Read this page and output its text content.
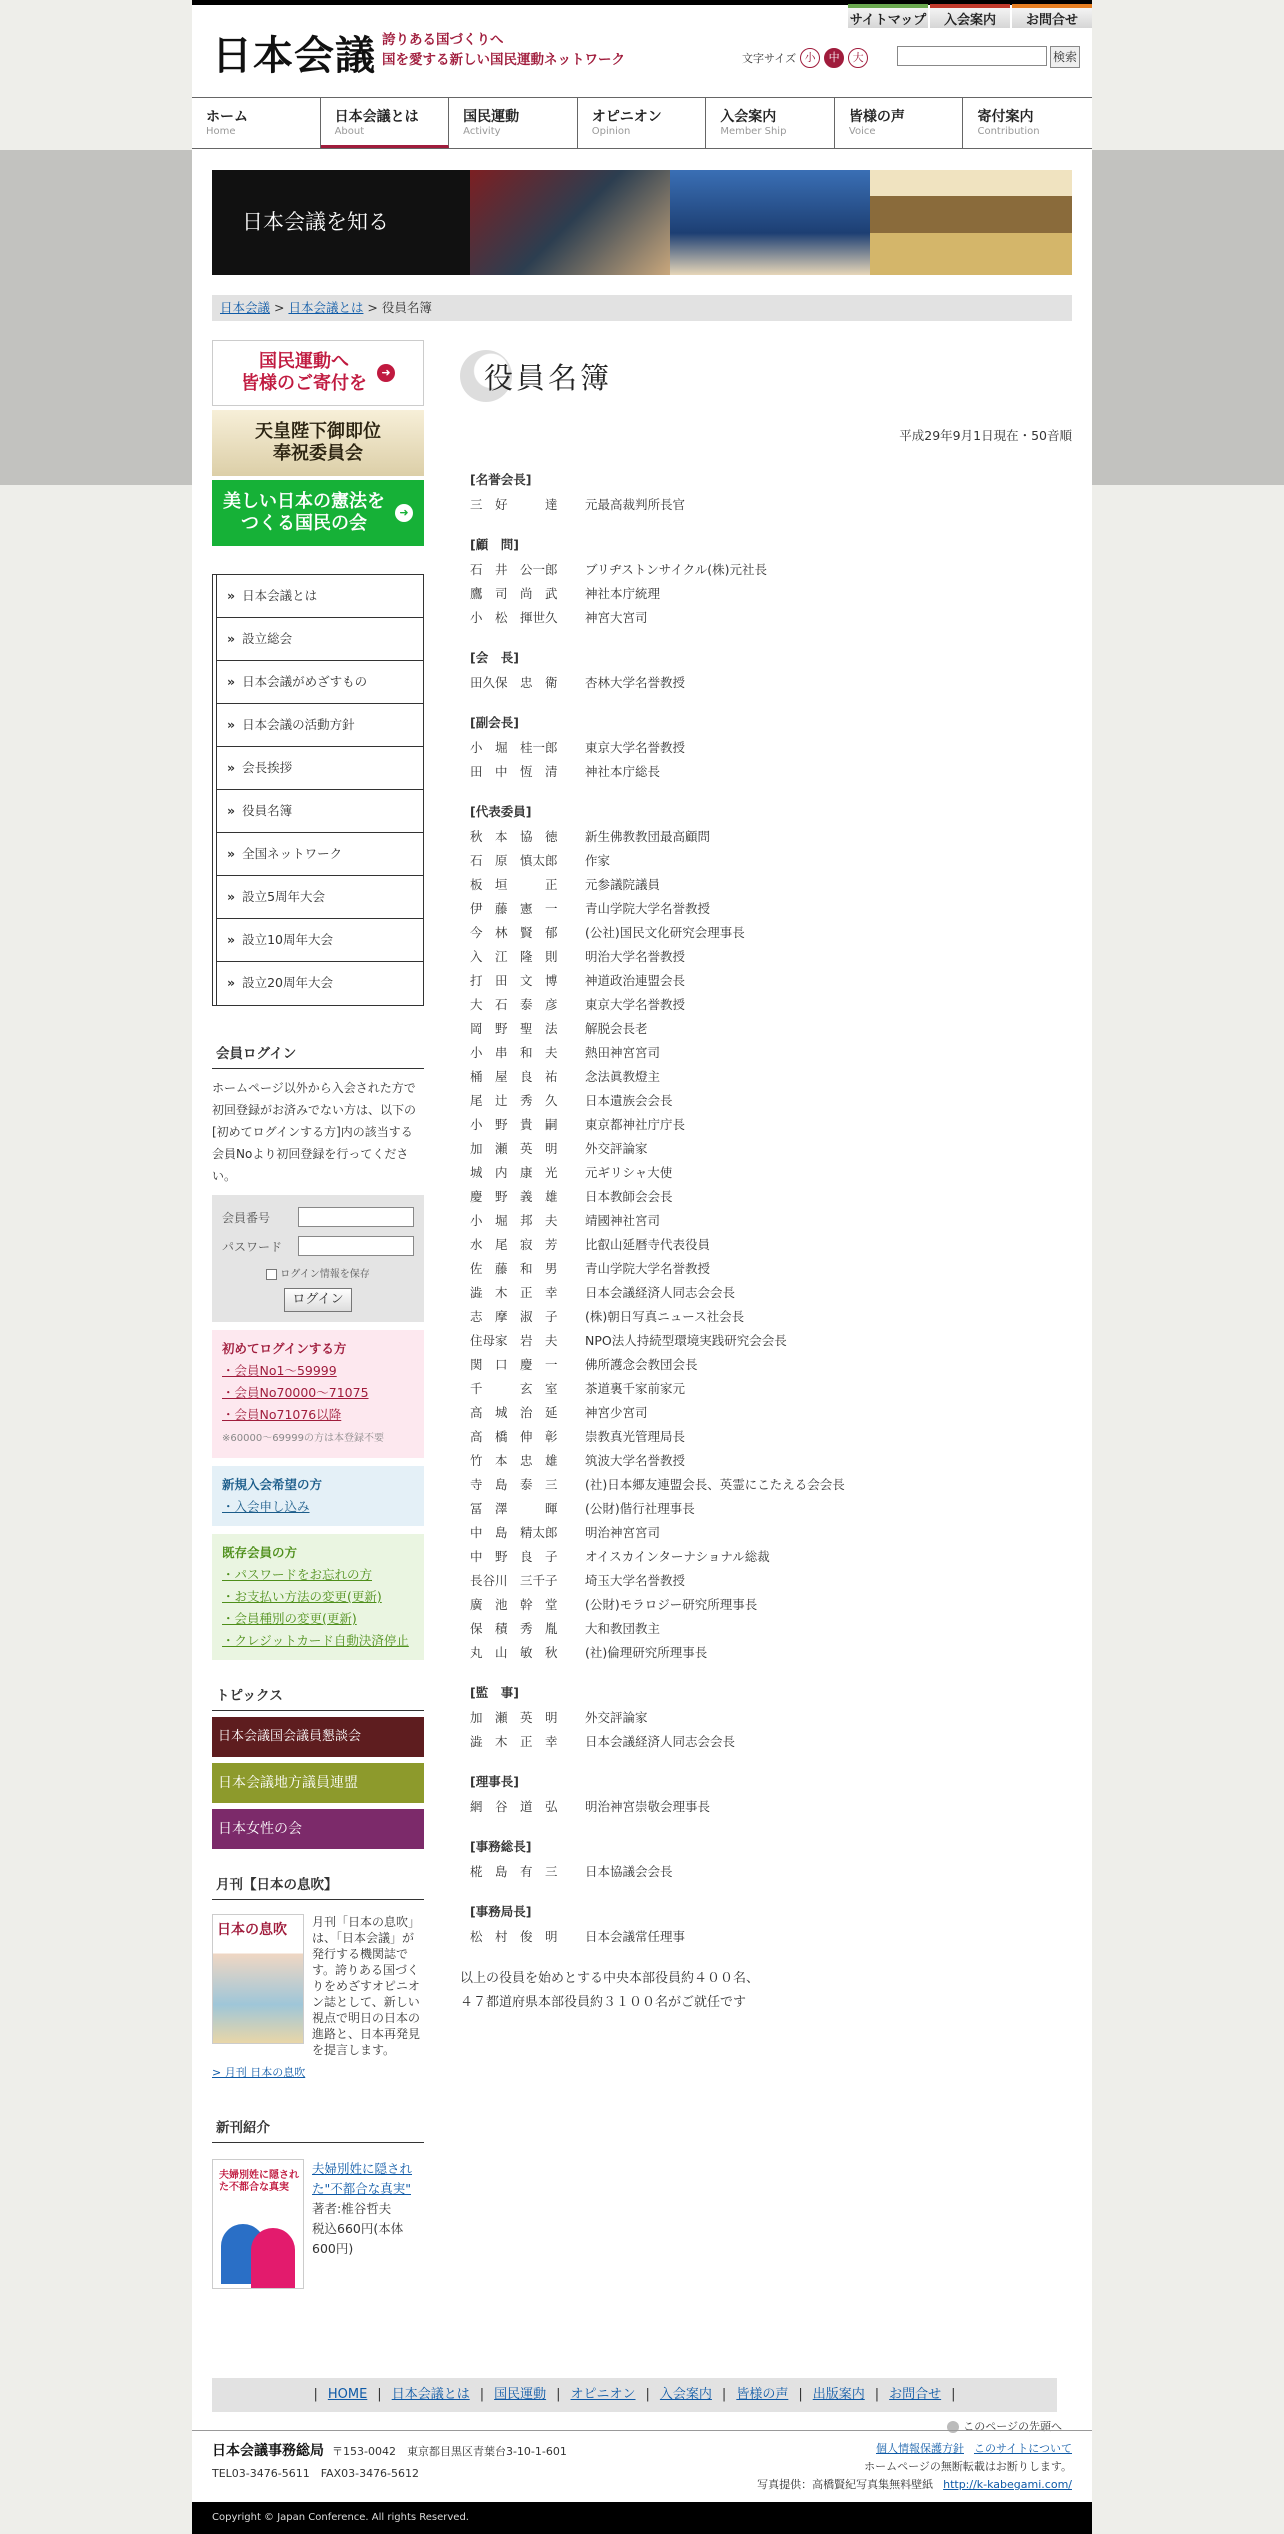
サイトマップ	入会案内	お問合せ
日本会議 誇りある国づくりへ
国を愛する新しい国民運動ネットワーク	文字サイズ 小	中	大	検索
ホーム
Home
日本会議とは
About
国民運動
Activity
オピニオン
Opinion
入会案内
Member Ship
皆様の声
Voice
寄付案内
Contribution
日本会議を知る
日本会議 > 日本会議とは > 役員名簿
国民運動へ
皆様のご寄付を
➜
天皇陛下御即位
奉祝委員会
美しい日本の憲法を
つくる国民の会
➜
» 日本会議とは
» 設立総会
» 日本会議がめざすもの
» 日本会議の活動方針
» 会長挨拶
» 役員名簿
» 全国ネットワーク
» 設立5周年大会
» 設立10周年大会
» 設立20周年大会
会員ログイン
ホームページ以外から入会された方で初回登録がお済みでない方は、以下の[初めてログインする方]内の該当する会員Noより初回登録を行ってください。
会員番号
パスワード
ログイン情報を保存
ログイン
初めてログインする方
・会員No1～59999
・会員No70000～71075
・会員No71076以降
※60000～69999の方は本登録不要
新規入会希望の方
・入会申し込み
既存会員の方
・パスワードをお忘れの方
・お支払い方法の変更(更新)
・会員種別の変更(更新)
・クレジットカード自動決済停止
トピックス
日本会議国会議員懇談会
日本会議地方議員連盟
日本女性の会
月刊【日本の息吹】
日本の息吹 月刊「日本の息吹」は、「日本会議」が発行する機関誌です。誇りある国づくりをめざすオピニオン誌として、新しい視点で明日の日本の進路と、日本再発見を提言します。
> 月刊 日本の息吹
新刊紹介
夫婦別姓に隠された不都合な真実
夫婦別姓に隠された"不都合な真実"
著者:椎谷哲夫
税込660円(本体600円)
役員名簿
平成29年9月1日現在・50音順
[名誉会長]
三　好　　　達	元最高裁判所長官
[顧　問]
石　井　公一郎	ブリヂストンサイクル(株)元社長
鷹　司　尚　武	神社本庁統理
小　松　揮世久	神宮大宮司
[会　長]
田久保　忠　衛	杏林大学名誉教授
[副会長]
小　堀　桂一郎	東京大学名誉教授
田　中　恆　清	神社本庁総長
[代表委員]
秋　本　協　徳	新生佛教教団最高顧問
石　原　慎太郎	作家
板　垣　　　正	元参議院議員
伊　藤　憲　一	青山学院大学名誉教授
今　林　賢　郁	(公社)国民文化研究会理事長
入　江　隆　則	明治大学名誉教授
打　田　文　博	神道政治連盟会長
大　石　泰　彦	東京大学名誉教授
岡　野　聖　法	解脱会長老
小　串　和　夫	熱田神宮宮司
桶　屋　良　祐	念法眞教燈主
尾　辻　秀　久	日本遺族会会長
小　野　貴　嗣	東京都神社庁庁長
加　瀬　英　明	外交評論家
城　内　康　光	元ギリシャ大使
慶　野　義　雄	日本教師会会長
小　堀　邦　夫	靖國神社宮司
水　尾　寂　芳	比叡山延暦寺代表役員
佐　藤　和　男	青山学院大学名誉教授
澁　木　正　幸	日本会議経済人同志会会長
志　摩　淑　子	(株)朝日写真ニュース社会長
住母家　岩　夫	NPO法人持続型環境実践研究会会長
関　口　慶　一	佛所護念会教団会長
千　　　玄　室	茶道裏千家前家元
高　城　治　延	神宮少宮司
高　橋　伸　彰	崇教真光管理局長
竹　本　忠　雄	筑波大学名誉教授
寺　島　泰　三	(社)日本郷友連盟会長、英霊にこたえる会会長
冨　澤　　　暉	(公財)偕行社理事長
中　島　精太郎	明治神宮宮司
中　野　良　子	オイスカインターナショナル総裁
長谷川　三千子	埼玉大学名誉教授
廣　池　幹　堂	(公財)モラロジー研究所理事長
保　積　秀　胤	大和教団教主
丸　山　敏　秋	(社)倫理研究所理事長
[監　事]
加　瀬　英　明	外交評論家
澁　木　正　幸	日本会議経済人同志会会長
[理事長]
網　谷　道　弘	明治神宮崇敬会理事長
[事務総長]
椛　島　有　三	日本協議会会長
[事務局長]
松　村　俊　明	日本会議常任理事
以上の役員を始めとする中央本部役員約４００名、
４７都道府県本部役員約３１００名がご就任です
| HOME | 日本会議とは | 国民運動 | オピニオン | 入会案内 | 皆様の声 | 出版案内 | お問合せ |
このページの先頭へ
日本会議事務総局 〒153-0042　東京都目黒区青葉台3-10-1-601
TEL03-3476-5611　FAX03-3476-5612
個人情報保護方針 このサイトについて
ホームページの無断転載はお断りします。
写真提供：高橋賢紀写真集無料壁紙 http://k-kabegami.com/
Copyright © Japan Conference. All rights Reserved.
